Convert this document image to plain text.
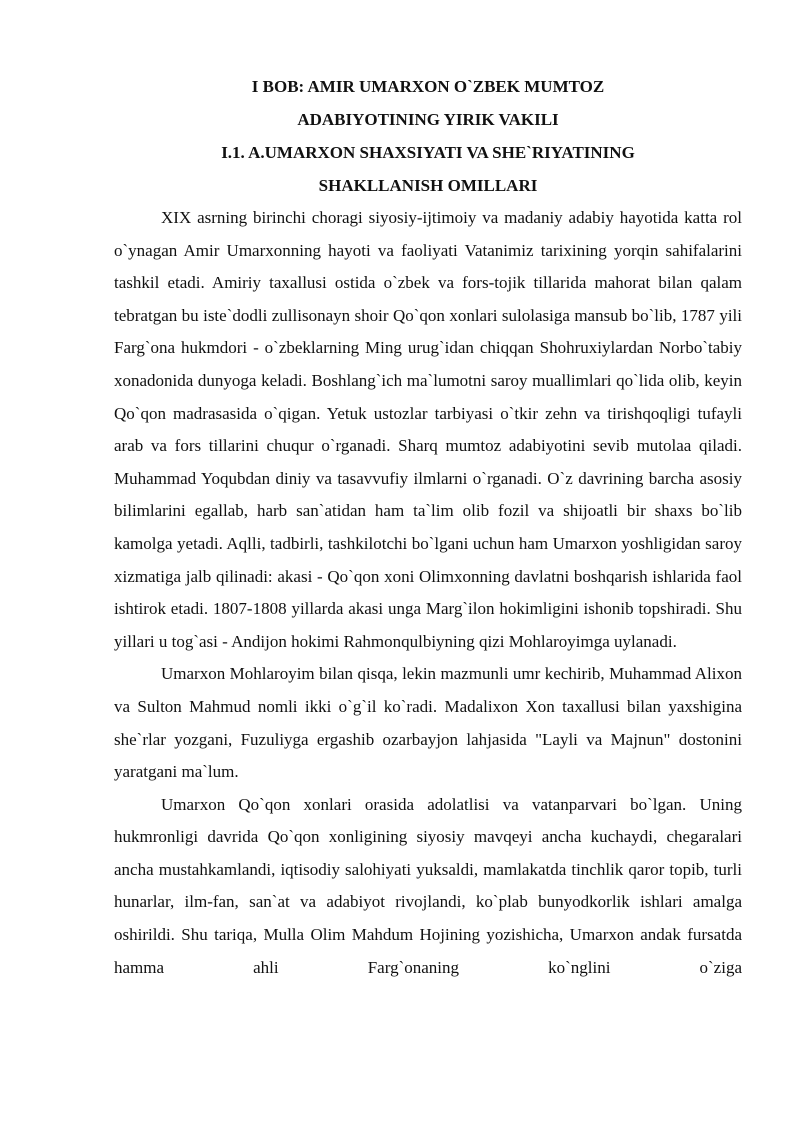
I BOB: AMIR UMARXON O`ZBEK MUMTOZ

ADABIYOTINING YIRIK VAKILI

I.1. A.UMARXON SHAXSIYATI VA SHE`RIYATINING

SHAKLLANISH OMILLARI

XIX asrning birinchi choragi siyosiy-ijtimoiy va madaniy adabiy hayotida katta rol o`ynagan Amir Umarxonning hayoti va faoliyati Vatanimiz tarixining yorqin sahifalarini tashkil etadi. Amiriy taxallusi ostida o`zbek va fors-tojik tillarida mahorat bilan qalam tebratgan bu iste`dodli zullisonayn shoir Qo`qon xonlari sulolasiga mansub bo`lib, 1787 yili Farg`ona hukmdori - o`zbeklarning Ming urug`idan chiqqan Shohruxiylardan Norbo`tabiy xonadonida dunyoga keladi. Boshlang`ich ma`lumotni saroy muallimlari qo`lida olib, keyin Qo`qon madrasasida o`qigan. Yetuk ustozlar tarbiyasi o`tkir zehn va tirishqoqligi tufayli arab va fors tillarini chuqur o`rganadi. Sharq mumtoz adabiyotini sevib mutolaa qiladi. Muhammad Yoqubdan diniy va tasavvufiy ilmlarni o`rganadi. O`z davrining barcha asosiy bilimlarini egallab, harb san`atidan ham ta`lim olib fozil va shijoatli bir shaxs bo`lib kamolga yetadi. Aqlli, tadbirli, tashkilotchi bo`lgani uchun ham Umarxon yoshligidan saroy xizmatiga jalb qilinadi: akasi - Qo`qon xoni Olimxonning davlatni boshqarish ishlarida faol ishtirok etadi. 1807-1808 yillarda akasi unga Marg`ilon hokimligini ishonib topshiradi. Shu yillari u tog`asi - Andijon hokimi Rahmonqulbiyning qizi Mohlaroyimga uylanadi.

Umarxon Mohlaroyim bilan qisqa, lekin mazmunli umr kechirib, Muhammad Alixon va Sulton Mahmud nomli ikki o`g`il ko`radi. Madalixon Xon taxallusi bilan yaxshigina she`rlar yozgani, Fuzuliyga ergashib ozarbayjon lahjasida "Layli va Majnun" dostonini yaratgani ma`lum.

Umarxon Qo`qon xonlari orasida adolatlisi va vatanparvari bo`lgan. Uning hukmronligi davrida Qo`qon xonligining siyosiy mavqeyi ancha kuchaydi, chegaralari ancha mustahkamlandi, iqtisodiy salohiyati yuksaldi, mamlakatda tinchlik qaror topib, turli hunarlar, ilm-fan, san`at va adabiyot rivojlandi, ko`plab bunyodkorlik ishlari amalga oshirildi. Shu tariqa, Mulla Olim Mahdum Hojining yozishicha, Umarxon andak fursatda hamma ahli Farg`onaning ko`nglini o`ziga
